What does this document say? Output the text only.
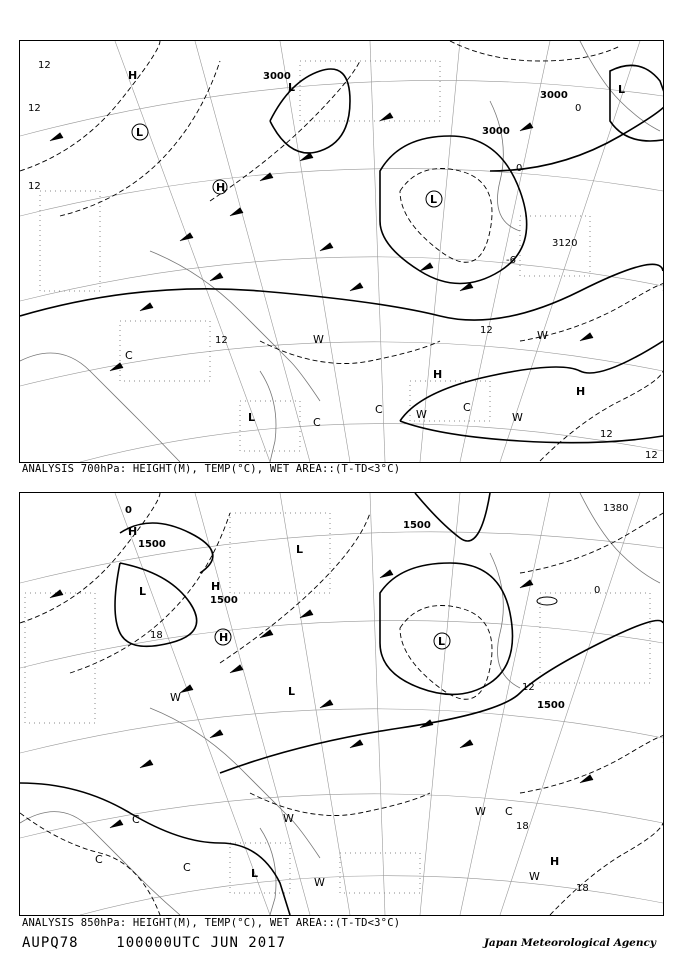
3000
3000
3000
3120
12
12
12
12
12
12
12
0
0
-6
H
H
H
H
L
L
L
L
L
C
C
C	C
W
W	W
W
ANALYSIS 700hPa: HEIGHT(M), TEMP(°C), WET AREA::(T-TD<3°C)
1500
1500
1500
1500
1380
0
0
18
18
18
12
H
H
H
H
L
L
L
L
L
C
C
C
C
W
W
W
W
W
ANALYSIS 850hPa: HEIGHT(M), TEMP(°C), WET AREA::(T-TD<3°C)
AUPQ78	100000UTC JUN 2017	Japan Meteorological Agency
